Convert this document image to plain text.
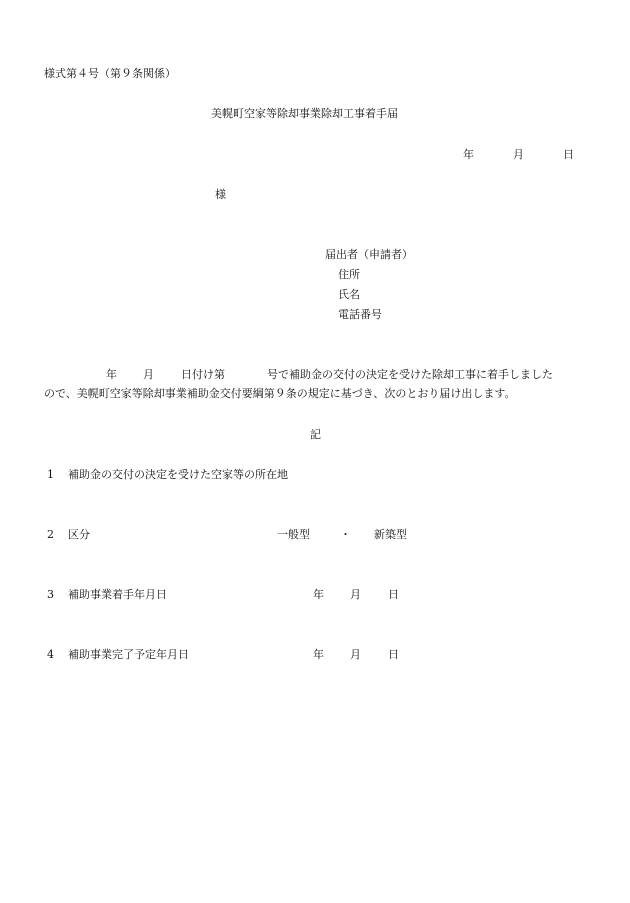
様式第４号（第９条関係）
美幌町空家等除却事業除却工事着手届
年	月	日
様
届出者（申請者）
住所
氏名
電話番号
年 月 日付け第	号で補助金の交付の決定を受けた除却工事に着手しました
ので、美幌町空家等除却事業補助金交付要綱第９条の規定に基づき、次のとおり届け出します。
記
1 補助金の交付の決定を受けた空家等の所在地
2 区分	一般型	・ 新築型
3 補助事業着手年月日	年 月 日
4 補助事業完了予定年月日	年 月 日
